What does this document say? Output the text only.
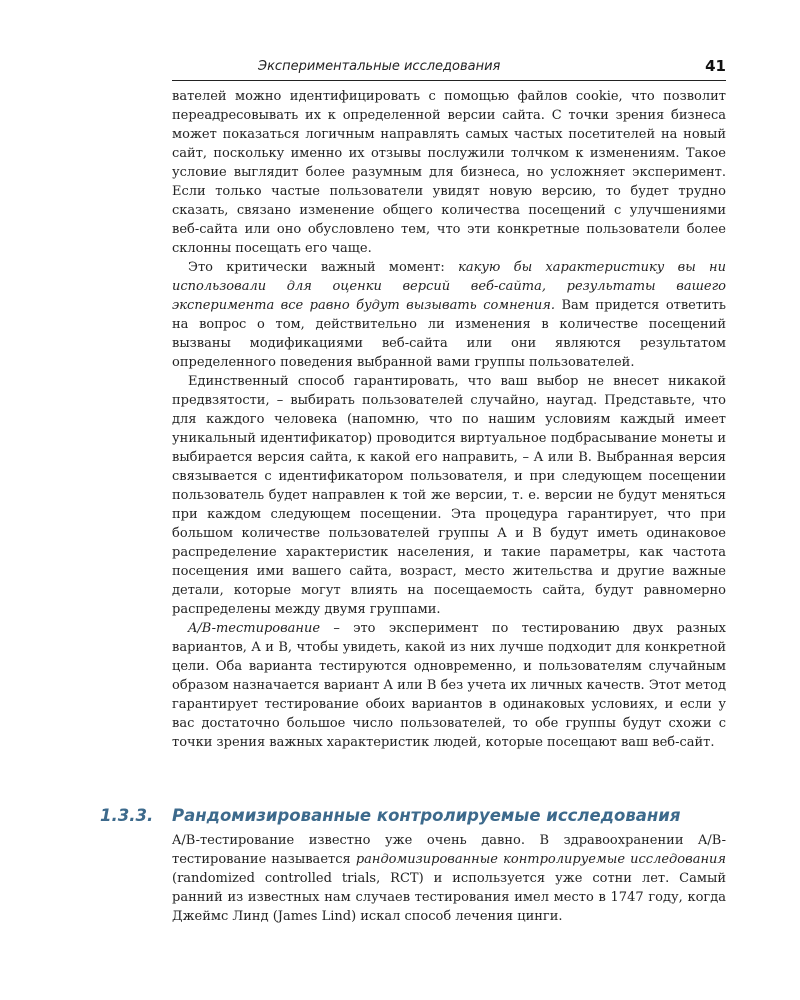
Экспериментальные исследования	41

вателей можно идентифицировать с помощью файлов cookie, что позволит переадресовывать их к определенной версии сайта. С точки зрения бизнеса может показаться логичным направлять самых частых посетителей на новый сайт, поскольку именно их отзывы послужили толчком к изменениям. Такое условие выглядит более разумным для бизнеса, но усложняет эксперимент. Если только частые пользователи увидят новую версию, то будет трудно сказать, связано изменение общего количества посещений с улучшениями веб-сайта или оно обусловлено тем, что эти конкретные пользователи более склонны посещать его чаще.

Это критически важный момент: какую бы характеристику вы ни использовали для оценки версий веб-сайта, результаты вашего эксперимента все равно будут вызывать сомнения. Вам придется ответить на вопрос о том, действительно ли изменения в количестве посещений вызваны модификациями веб-сайта или они являются результатом определенного поведения выбранной вами группы пользователей.

Единственный способ гарантировать, что ваш выбор не внесет никакой предвзятости, – выбирать пользователей случайно, наугад. Представьте, что для каждого человека (напомню, что по нашим условиям каждый имеет уникальный идентификатор) проводится виртуальное подбрасывание монеты и выбирается версия сайта, к какой его направить, – A или B. Выбранная версия связывается с идентификатором пользователя, и при следующем посещении пользователь будет направлен к той же версии, т. е. версии не будут меняться при каждом следующем посещении. Эта процедура гарантирует, что при большом количестве пользователей группы A и B будут иметь одинаковое распределение характеристик населения, и такие параметры, как частота посещения ими вашего сайта, возраст, место жительства и другие важные детали, которые могут влиять на посещаемость сайта, будут равномерно распределены между двумя группами.

A/B-тестирование – это эксперимент по тестированию двух разных вариантов, A и B, чтобы увидеть, какой из них лучше подходит для конкретной цели. Оба варианта тестируются одновременно, и пользователям случайным образом назначается вариант A или B без учета их личных качеств. Этот метод гарантирует тестирование обоих вариантов в одинаковых условиях, и если у вас достаточно большое число пользователей, то обе группы будут схожи с точки зрения важных характеристик людей, которые посещают ваш веб-сайт.

1.3.3. Рандомизированные контролируемые исследования

A/B-тестирование известно уже очень давно. В здравоохранении A/B-тестирование называется рандомизированные контролируемые исследования (randomized controlled trials, RCT) и используется уже сотни лет. Самый ранний из известных нам случаев тестирования имел место в 1747 году, когда Джеймс Линд (James Lind) искал способ лечения цинги.
